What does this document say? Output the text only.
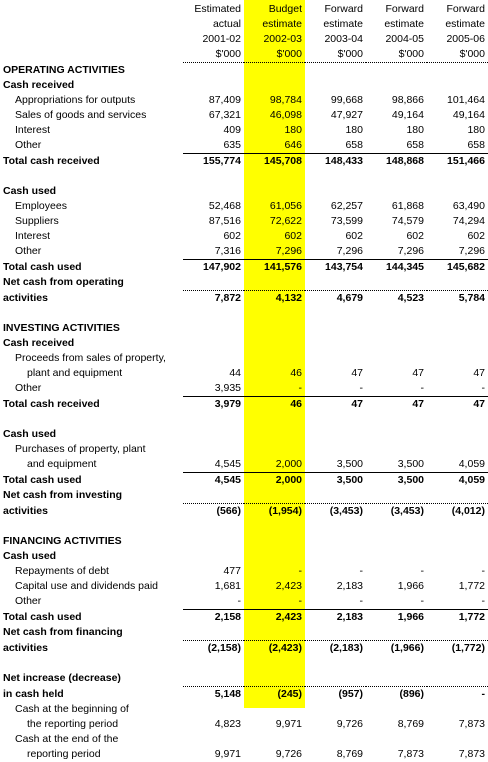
	Estimated	Budget	Forward	Forward	Forward
	actual	estimate	estimate	estimate	estimate
	2001-02	2002-03	2003-04	2004-05	2005-06
	$'000	$'000	$'000	$'000	$'000
OPERATING ACTIVITIES					
Cash received					
Appropriations for outputs	87,409	98,784	99,668	98,866	101,464
Sales of goods and services	67,321	46,098	47,927	49,164	49,164
Interest	409	180	180	180	180
Other	635	646	658	658	658
Total cash received	155,774	145,708	148,433	148,868	151,466

Cash used					
Employees	52,468	61,056	62,257	61,868	63,490
Suppliers	87,516	72,622	73,599	74,579	74,294
Interest	602	602	602	602	602
Other	7,316	7,296	7,296	7,296	7,296
Total cash used	147,902	141,576	143,754	144,345	145,682
Net cash from operating					
activities	7,872	4,132	4,679	4,523	5,784

INVESTING ACTIVITIES					
Cash received					
Proceeds from sales of property,					
plant and equipment	44	46	47	47	47
Other	3,935	-	-	-	-
Total cash received	3,979	46	47	47	47

Cash used					
Purchases of property, plant					
and equipment	4,545	2,000	3,500	3,500	4,059
Total cash used	4,545	2,000	3,500	3,500	4,059
Net cash from investing					
activities	(566)	(1,954)	(3,453)	(3,453)	(4,012)

FINANCING ACTIVITIES					
Cash used					
Repayments of debt	477	-	-	-	-
Capital use and dividends paid	1,681	2,423	2,183	1,966	1,772
Other	-	-	-	-	-
Total cash used	2,158	2,423	2,183	1,966	1,772
Net cash from financing					
activities	(2,158)	(2,423)	(2,183)	(1,966)	(1,772)

Net increase (decrease)					
in cash held	5,148	(245)	(957)	(896)	-
Cash at the beginning of					
the reporting period	4,823	9,971	9,726	8,769	7,873
Cash at the end of the					
reporting period	9,971	9,726	8,769	7,873	7,873
